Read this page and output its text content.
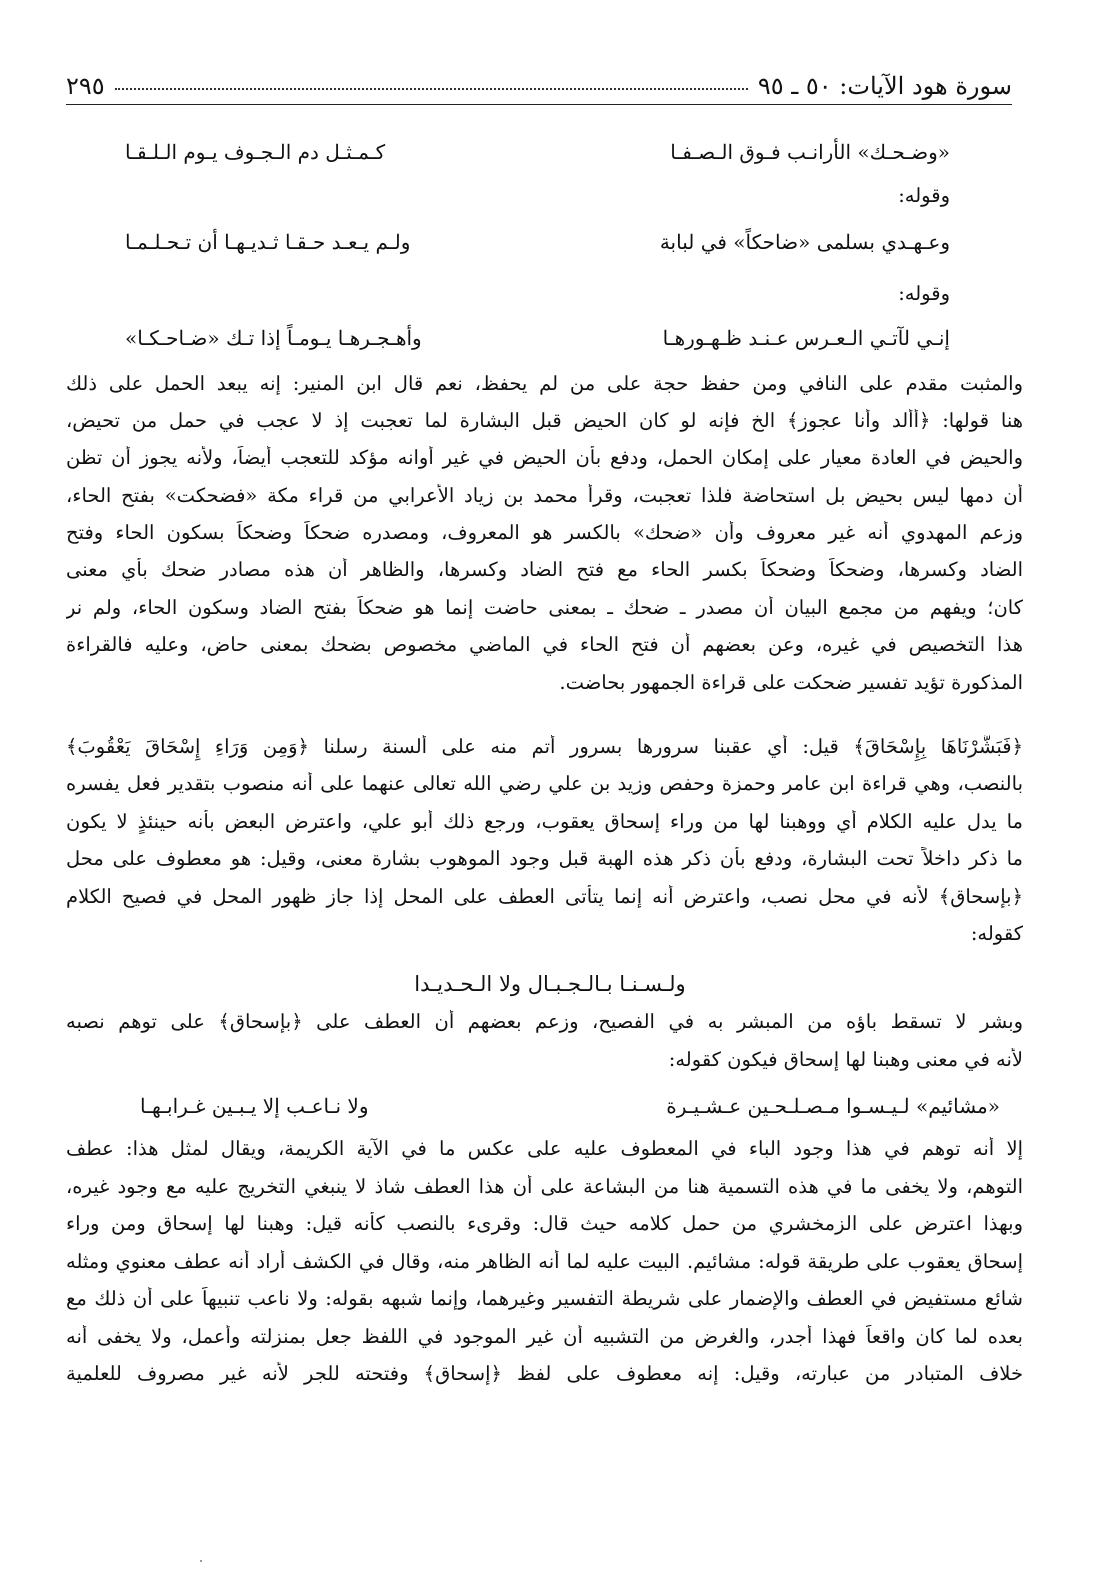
سورة هود الآيات: ٥٠ ـ ٩٥
٢٩٥
«وضـحـك» الأرانـب فـوق الـصـفـا
كـمـثـل دم الـجـوف يـوم الـلـقـا
وقوله:
وعـهـدي بسلمى «ضاحكاً» في لبابة
ولـم يـعـد حـقـا ثـديـهـا أن تـحـلـمـا
وقوله:
إنـي لآتـي الـعـرس عـنـد ظـهـورهـا
وأهـجـرهـا يـومـاً إذا تـك «ضـاحـكـا»
والمثبت مقدم على النافي ومن حفظ حجة على من لم يحفظ، نعم قال ابن المنير: إنه يبعد الحمل على ذلك
هنا قولها: ﴿أألد وأنا عجوز﴾ الخ فإنه لو كان الحيض قبل البشارة لما تعجبت إذ لا عجب في حمل من تحيض،
والحيض في العادة معيار على إمكان الحمل، ودفع بأن الحيض في غير أوانه مؤكد للتعجب أيضاً، ولأنه يجوز أن تظن
أن دمها ليس بحيض بل استحاضة فلذا تعجبت، وقرأ محمد بن زياد الأعرابي من قراء مكة «فضحكت» بفتح الحاء،
وزعم المهدوي أنه غير معروف وأن «ضحك» بالكسر هو المعروف، ومصدره ضحكاً وضحكاً بسكون الحاء وفتح
الضاد وكسرها، وضحكاً وضحكاً بكسر الحاء مع فتح الضاد وكسرها، والظاهر أن هذه مصادر ضحك بأي معنى
كان؛ ويفهم من مجمع البيان أن مصدر ـ ضحك ـ بمعنى حاضت إنما هو ضحكاً بفتح الضاد وسكون الحاء، ولم نر
هذا التخصيص في غيره، وعن بعضهم أن فتح الحاء في الماضي مخصوص بضحك بمعنى حاض، وعليه فالقراءة
المذكورة تؤيد تفسير ضحكت على قراءة الجمهور بحاضت.
﴿فَبَشَّرْنَاهَا بِإِسْحَاقَ﴾ قيل: أي عقبنا سرورها بسرور أتم منه على ألسنة رسلنا ﴿وَمِن وَرَاءِ إِسْحَاقَ يَعْقُوبَ﴾
بالنصب، وهي قراءة ابن عامر وحمزة وحفص وزيد بن علي رضي الله تعالى عنهما على أنه منصوب بتقدير فعل يفسره
ما يدل عليه الكلام أي ووهبنا لها من وراء إسحاق يعقوب، ورجع ذلك أبو علي، واعترض البعض بأنه حينئذٍ لا يكون
ما ذكر داخلاً تحت البشارة، ودفع بأن ذكر هذه الهبة قبل وجود الموهوب بشارة معنى، وقيل: هو معطوف على محل
﴿بإسحاق﴾ لأنه في محل نصب، واعترض أنه إنما يتأتى العطف على المحل إذا جاز ظهور المحل في فصيح الكلام
كقوله:
ولـسـنـا بـالـجـبـال ولا الـحـديـدا
وبشر لا تسقط باؤه من المبشر به في الفصيح، وزعم بعضهم أن العطف على ﴿بإسحاق﴾ على توهم نصبه
لأنه في معنى وهبنا لها إسحاق فيكون كقوله:
«مشائيم» لـيـسـوا مـصـلـحـين عـشـيـرة
ولا نـاعـب إلا يـبـين غـرابـهـا
إلا أنه توهم في هذا وجود الباء في المعطوف عليه على عكس ما في الآية الكريمة، ويقال لمثل هذا: عطف
التوهم، ولا يخفى ما في هذه التسمية هنا من البشاعة على أن هذا العطف شاذ لا ينبغي التخريج عليه مع وجود غيره،
وبهذا اعترض على الزمخشري من حمل كلامه حيث قال: وقرىء بالنصب كأنه قيل: وهبنا لها إسحاق ومن وراء
إسحاق يعقوب على طريقة قوله: مشائيم. البيت عليه لما أنه الظاهر منه، وقال في الكشف أراد أنه عطف معنوي ومثله
شائع مستفيض في العطف والإضمار على شريطة التفسير وغيرهما، وإنما شبهه بقوله: ولا ناعب تنبيهاً على أن ذلك مع
بعده لما كان واقعاً فهذا أجدر، والغرض من التشبيه أن غير الموجود في اللفظ جعل بمنزلته وأعمل، ولا يخفى أنه
خلاف المتبادر من عبارته، وقيل: إنه معطوف على لفظ ﴿إسحاق﴾ وفتحته للجر لأنه غير مصروف للعلمية
